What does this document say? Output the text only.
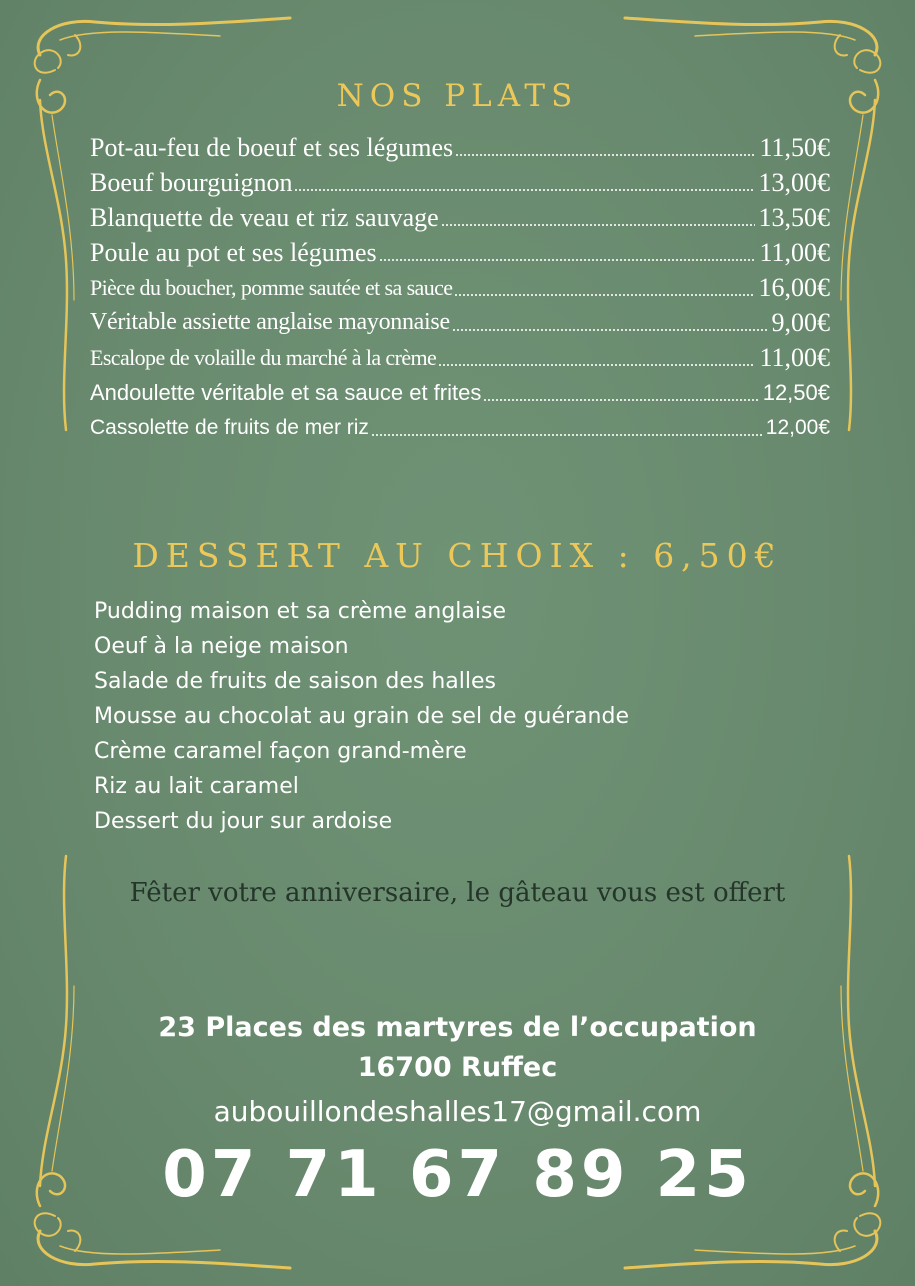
NOS PLATS
Pot-au-feu de boeuf et ses légumes	11,50€
Boeuf bourguignon	13,00€
Blanquette de veau et riz sauvage	13,50€
Poule au pot et ses légumes	11,00€
Pièce du boucher, pomme sautée et sa sauce	16,00€
Véritable assiette anglaise mayonnaise	9,00€
Escalope de volaille du marché à la crème	11,00€
Andoulette véritable et sa sauce et frites	12,50€
Cassolette de fruits de mer riz	12,00€
DESSERT AU CHOIX : 6,50€
Pudding maison et sa crème anglaise
Oeuf à la neige maison
Salade de fruits de saison des halles
Mousse au chocolat au grain de sel de guérande
Crème caramel façon grand-mère
Riz au lait caramel
Dessert du jour sur ardoise
Fêter votre anniversaire, le gâteau vous est offert
23 Places des martyres de l’occupation
16700 Ruffec
aubouillondeshalles17@gmail.com
07 71 67 89 25
